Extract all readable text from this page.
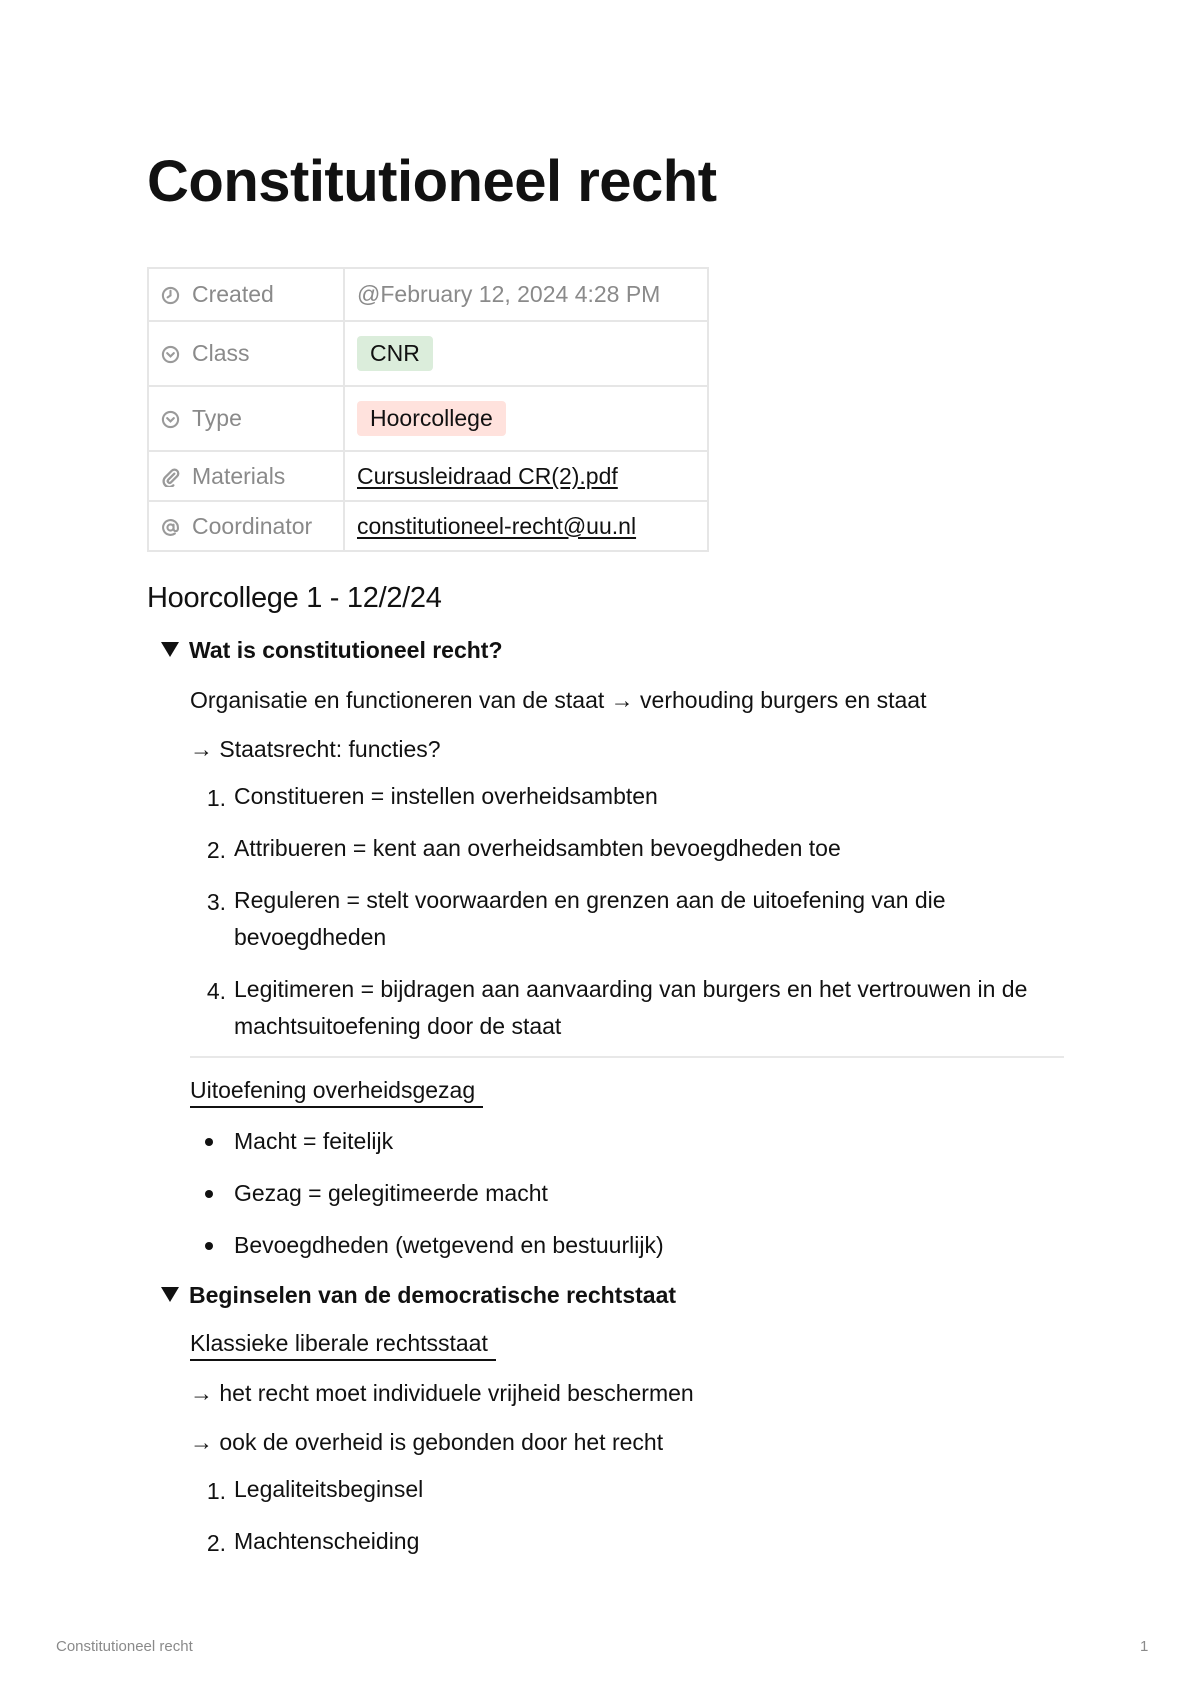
Constitutioneel recht
Created	@February 12, 2024 4:28 PM
Class	CNR
Type	Hoorcollege
Materials	Cursusleidraad CR(2).pdf
Coordinator	constitutioneel-recht@uu.nl
Hoorcollege 1 - 12/2/24
Wat is constitutioneel recht?
Organisatie en functioneren van de staat → verhouding burgers en staat
→ Staatsrecht: functies?
1. Constitueren = instellen overheidsambten
2. Attribueren = kent aan overheidsambten bevoegdheden toe
3. Reguleren = stelt voorwaarden en grenzen aan de uitoefening van die bevoegdheden
4. Legitimeren = bijdragen aan aanvaarding van burgers en het vertrouwen in de machtsuitoefening door de staat
Uitoefening overheidsgezag
Macht = feitelijk
Gezag = gelegitimeerde macht
Bevoegdheden (wetgevend en bestuurlijk)
Beginselen van de democratische rechtstaat
Klassieke liberale rechtsstaat
→ het recht moet individuele vrijheid beschermen
→ ook de overheid is gebonden door het recht
1. Legaliteitsbeginsel
2. Machtenscheiding
Constitutioneel recht	1
